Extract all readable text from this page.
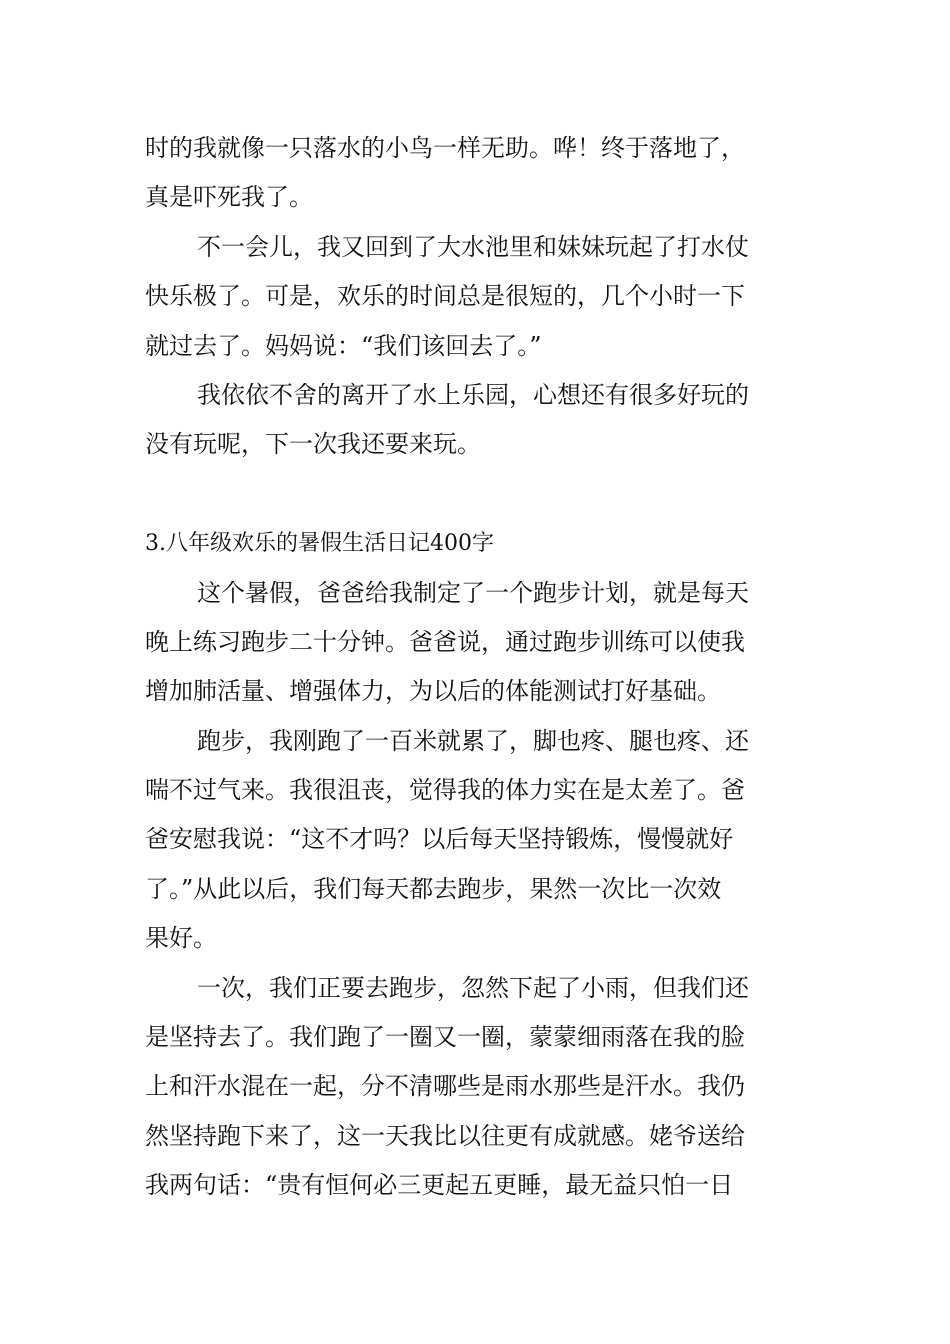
时的我就像一只落水的小鸟一样无助。哗！终于落地了，
真是吓死我了。
不一会儿，我又回到了大水池里和妹妹玩起了打水仗
快乐极了。可是，欢乐的时间总是很短的，几个小时一下
就过去了。妈妈说：“我们该回去了。”
我依依不舍的离开了水上乐园，心想还有很多好玩的
没有玩呢，下一次我还要来玩。
3.八年级欢乐的暑假生活日记400字
这个暑假，爸爸给我制定了一个跑步计划，就是每天
晚上练习跑步二十分钟。爸爸说，通过跑步训练可以使我
增加肺活量、增强体力，为以后的体能测试打好基础。
跑步，我刚跑了一百米就累了，脚也疼、腿也疼、还
喘不过气来。我很沮丧，觉得我的体力实在是太差了。爸
爸安慰我说：“这不才吗？以后每天坚持锻炼，慢慢就好
了。”从此以后，我们每天都去跑步，果然一次比一次效
果好。
一次，我们正要去跑步，忽然下起了小雨，但我们还
是坚持去了。我们跑了一圈又一圈，蒙蒙细雨落在我的脸
上和汗水混在一起，分不清哪些是雨水那些是汗水。我仍
然坚持跑下来了，这一天我比以往更有成就感。姥爷送给
我两句话：“贵有恒何必三更起五更睡，最无益只怕一日
